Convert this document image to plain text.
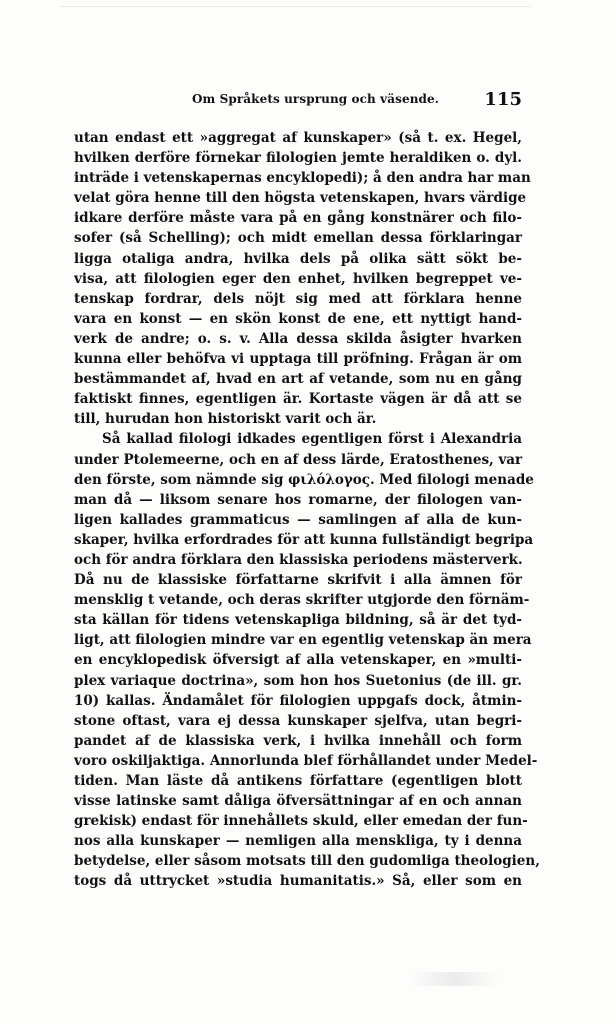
Om Språkets ursprung och väsende.	115
utan endast ett »aggregat af kunskaper» (så t. ex. Hegel,
hvilken derföre förnekar filologien jemte heraldiken o. dyl.
inträde i vetenskapernas encyklopedi); å den andra har man
velat göra henne till den högsta vetenskapen, hvars värdige
idkare derföre måste vara på en gång konstnärer och filo-
sofer (så Schelling); och midt emellan dessa förklaringar
ligga otaliga andra, hvilka dels på olika sätt sökt be-
visa, att filologien eger den enhet, hvilken begreppet ve-
tenskap fordrar, dels nöjt sig med att förklara henne
vara en konst — en skön konst de ene, ett nyttigt hand-
verk de andre; o. s. v. Alla dessa skilda åsigter hvarken
kunna eller behöfva vi upptaga till pröfning. Frågan är om
bestämmandet af, hvad en art af vetande, som nu en gång
faktiskt finnes, egentligen är. Kortaste vägen är då att se
till, hurudan hon historiskt varit och är.
Så kallad filologi idkades egentligen först i Alexandria
under Ptolemeerne, och en af dess lärde, Eratosthenes, var
den förste, som nämnde sig φιλόλογος. Med filologi menade
man då — liksom senare hos romarne, der filologen van-
ligen kallades grammaticus — samlingen af alla de kun-
skaper, hvilka erfordrades för att kunna fullständigt begripa
och för andra förklara den klassiska periodens mästerverk.
Då nu de klassiske författarne skrifvit i alla ämnen för
mensklig t vetande, och deras skrifter utgjorde den förnäm-
sta källan för tidens vetenskapliga bildning, så är det tyd-
ligt, att filologien mindre var en egentlig vetenskap än mera
en encyklopedisk öfversigt af alla vetenskaper, en »multi-
plex variaque doctrina», som hon hos Suetonius (de ill. gr.
10) kallas. Ändamålet för filologien uppgafs dock, åtmin-
stone oftast, vara ej dessa kunskaper sjelfva, utan begri-
pandet af de klassiska verk, i hvilka innehåll och form
voro oskiljaktiga. Annorlunda blef förhållandet under Medel-
tiden. Man läste då antikens författare (egentligen blott
visse latinske samt dåliga öfversättningar af en och annan
grekisk) endast för innehållets skuld, eller emedan der fun-
nos alla kunskaper — nemligen alla menskliga, ty i denna
betydelse, eller såsom motsats till den gudomliga theologien,
togs då uttrycket »studia humanitatis.» Så, eller som en
